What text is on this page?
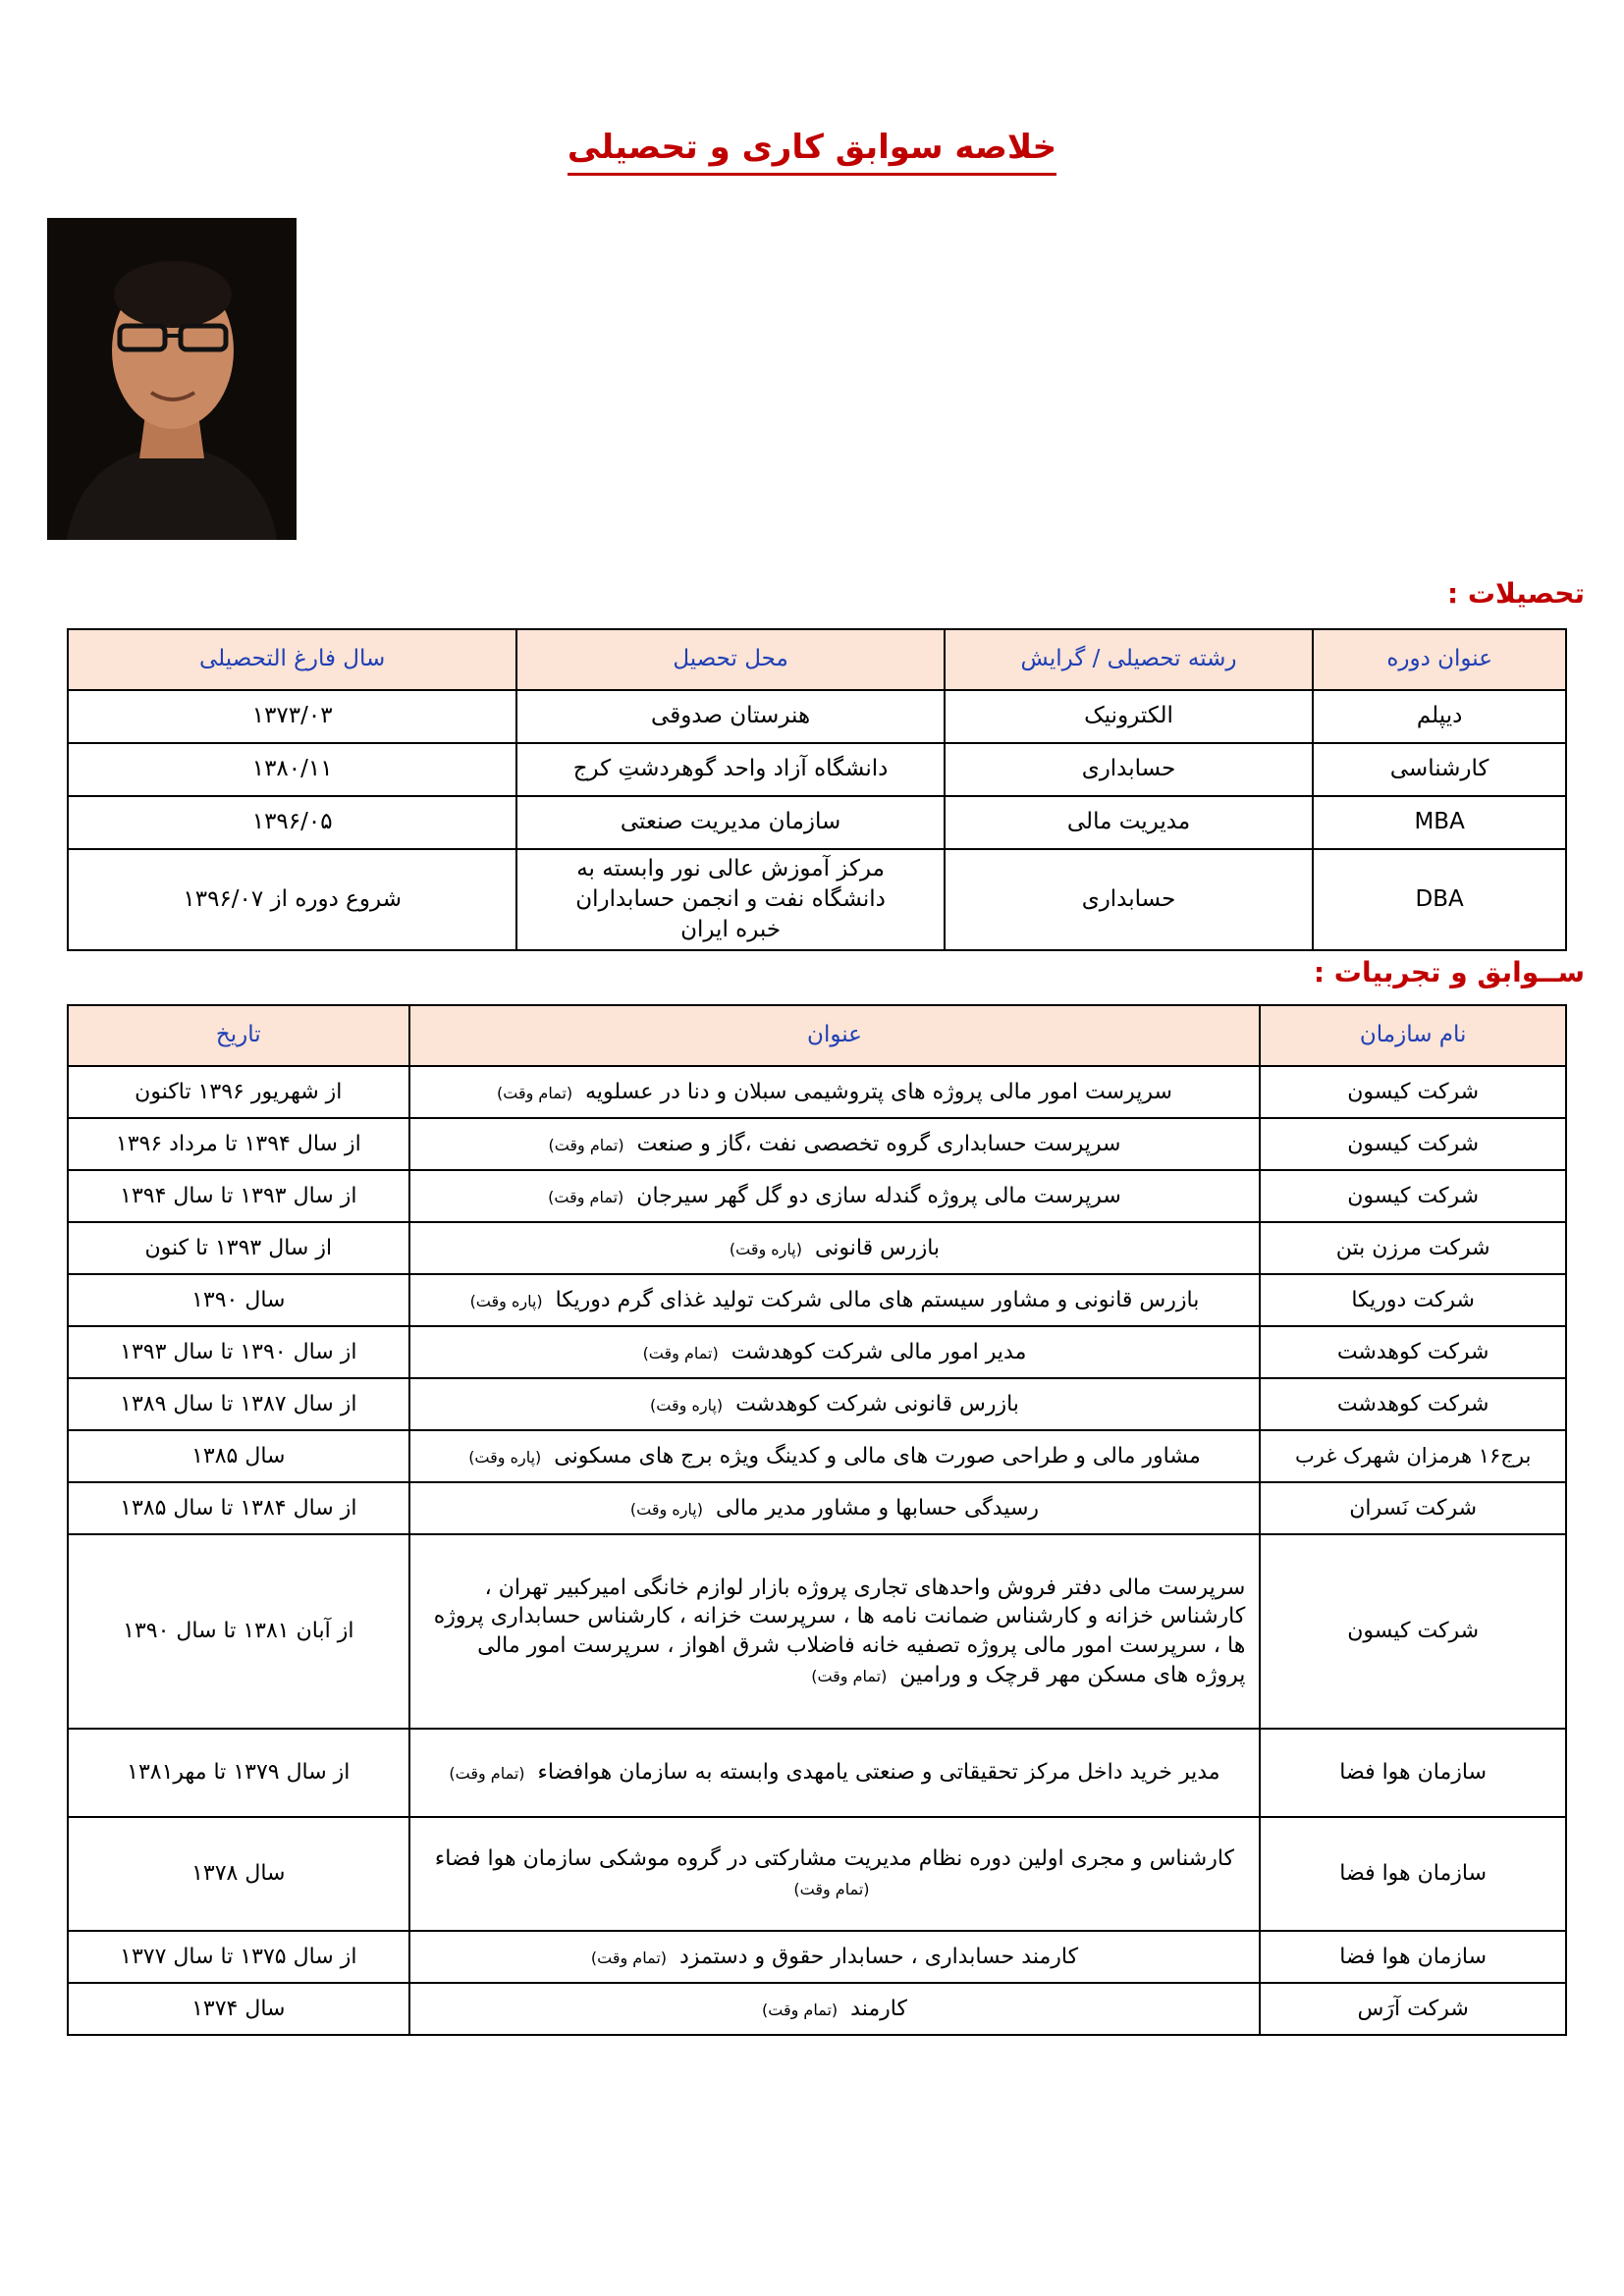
خلاصه سوابق کاری و تحصیلی
تحصیلات :
عنوان دوره	رشته تحصیلی / گرایش	محل تحصیل	سال فارغ التحصیلی
دیپلم	الکترونیک	هنرستان صدوقی	۱۳۷۳/۰۳
کارشناسی	حسابداری	دانشگاه آزاد واحد گوهردشتِ کرج	۱۳۸۰/۱۱
MBA	مدیریت مالی	سازمان مدیریت صنعتی	۱۳۹۶/۰۵
DBA	حسابداری	مرکز آموزش عالی نور وابسته به دانشگاه نفت و انجمن حسابداران خبره ایران	شروع دوره از ۱۳۹۶/۰۷
ســوابق و تجربیات :
نام سازمان	عنوان	تاریخ
شرکت کیسون	سرپرست امور مالی پروژه های پتروشیمی سبلان و دنا در عسلویه (تمام وقت)	از شهریور ۱۳۹۶ تاکنون
شرکت کیسون	سرپرست حسابداری گروه تخصصی نفت ،گاز و صنعت (تمام وقت)	از سال ۱۳۹۴ تا مرداد ۱۳۹۶
شرکت کیسون	سرپرست مالی پروژه گندله سازی دو گل گهر سیرجان (تمام وقت)	از سال ۱۳۹۳ تا سال ۱۳۹۴
شرکت مرزن بتن	بازرس قانونی (پاره وقت)	از سال ۱۳۹۳ تا کنون
شرکت دوریکا	بازرس قانونی و مشاور سیستم های مالی شرکت تولید غذای گرم دوریکا (پاره وقت)	سال ۱۳۹۰
شرکت کوهدشت	مدیر امور مالی شرکت کوهدشت (تمام وقت)	از سال ۱۳۹۰ تا سال ۱۳۹۳
شرکت کوهدشت	بازرس قانونی شرکت کوهدشت (پاره وقت)	از سال ۱۳۸۷ تا سال ۱۳۸۹
برج۱۶ هرمزان شهرک غرب	مشاور مالی و طراحی صورت های مالی و کدینگ ویژه برج های مسکونی (پاره وقت)	سال ۱۳۸۵
شرکت نَسران	رسیدگی حسابها و مشاور مدیر مالی (پاره وقت)	از سال ۱۳۸۴ تا سال ۱۳۸۵
شرکت کیسون	سرپرست مالی دفتر فروش واحدهای تجاری پروژه بازار لوازم خانگی امیرکبیر تهران ، کارشناس خزانه و کارشناس ضمانت نامه ها ، سرپرست خزانه ، کارشناس حسابداری پروژه ها ، سرپرست امور مالی پروژه تصفیه خانه فاضلاب شرق اهواز ، سرپرست امور مالی پروژه های مسکن مهر قرچک و ورامین (تمام وقت)	از آبان ۱۳۸۱ تا سال ۱۳۹۰
سازمان هوا فضا	مدیر خرید داخل مرکز تحقیقاتی و صنعتی یامهدی وابسته به سازمان هوافضاء (تمام وقت)	از سال ۱۳۷۹ تا مهر۱۳۸۱
سازمان هوا فضا	کارشناس و مجری اولین دوره نظام مدیریت مشارکتی در گروه موشکی سازمان هوا فضاء (تمام وقت)	سال ۱۳۷۸
سازمان هوا فضا	کارمند حسابداری ، حسابدار حقوق و دستمزد (تمام وقت)	از سال ۱۳۷۵ تا سال ۱۳۷۷
شرکت آرَس	کارمند (تمام وقت)	سال ۱۳۷۴
